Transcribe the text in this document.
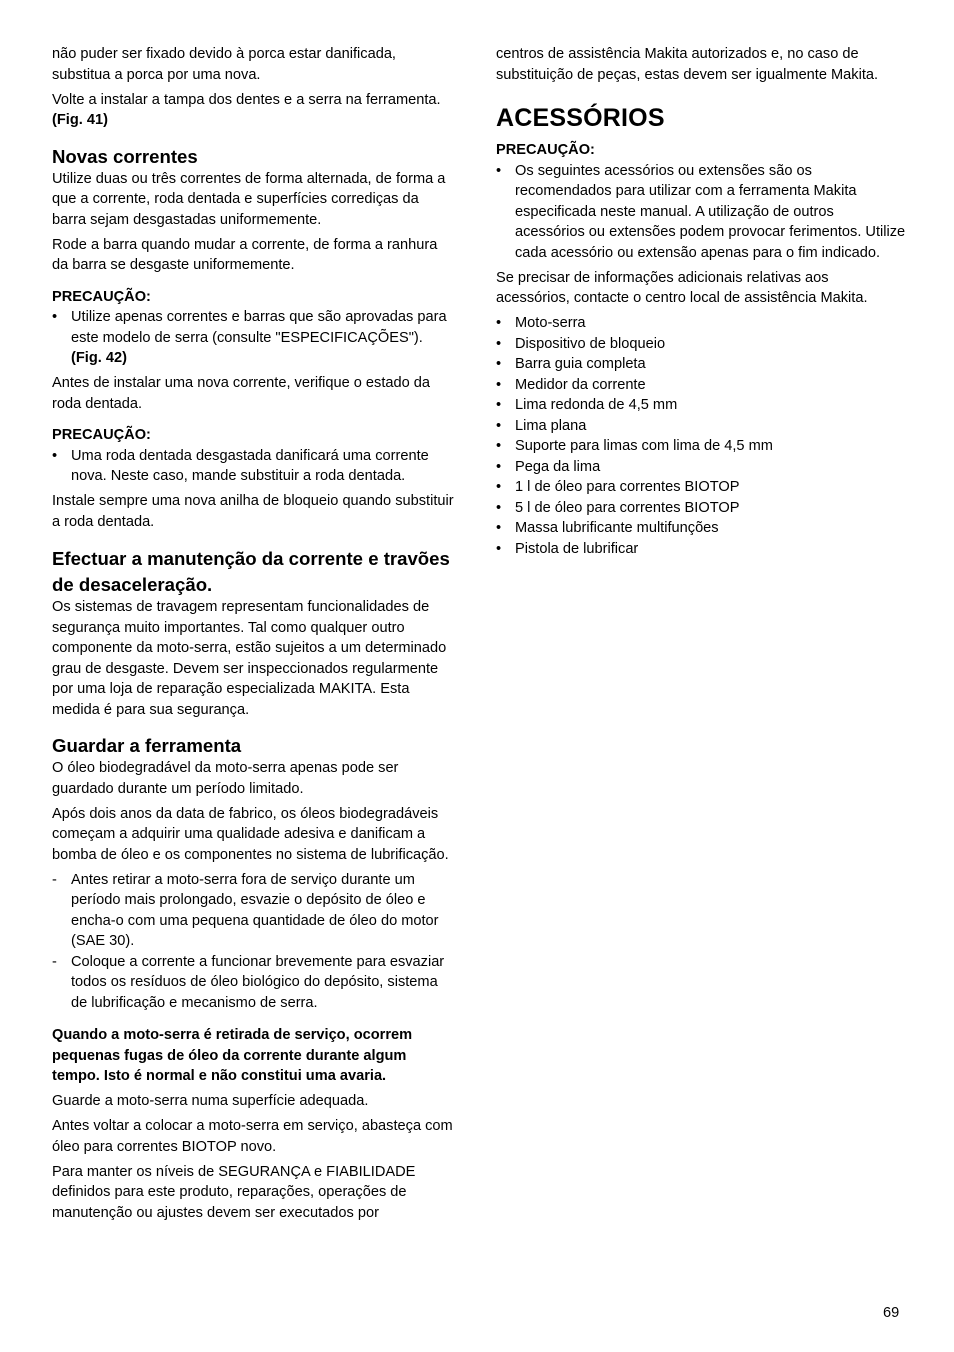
não puder ser fixado devido à porca estar danificada, substitua a porca por uma nova.

Volte a instalar a tampa dos dentes e a serra na ferramenta. (Fig. 41)

Novas correntes

Utilize duas ou três correntes de forma alternada, de forma a que a corrente, roda dentada e superfícies corrediças da barra sejam desgastadas uniformemente.

Rode a barra quando mudar a corrente, de forma a ranhura da barra se desgaste uniformemente.

PRECAUÇÃO:
• Utilize apenas correntes e barras que são aprovadas para este modelo de serra (consulte "ESPECIFICAÇÕES"). (Fig. 42)

Antes de instalar uma nova corrente, verifique o estado da roda dentada.

PRECAUÇÃO:
• Uma roda dentada desgastada danificará uma corrente nova. Neste caso, mande substituir a roda dentada.

Instale sempre uma nova anilha de bloqueio quando substituir a roda dentada.

Efectuar a manutenção da corrente e travões de desaceleração.

Os sistemas de travagem representam funcionalidades de segurança muito importantes. Tal como qualquer outro componente da moto-serra, estão sujeitos a um determinado grau de desgaste. Devem ser inspeccionados regularmente por uma loja de reparação especializada MAKITA. Esta medida é para sua segurança.

Guardar a ferramenta

O óleo biodegradável da moto-serra apenas pode ser guardado durante um período limitado.

Após dois anos da data de fabrico, os óleos biodegradáveis começam a adquirir uma qualidade adesiva e danificam a bomba de óleo e os componentes no sistema de lubrificação.

- Antes retirar a moto-serra fora de serviço durante um período mais prolongado, esvazie o depósito de óleo e encha-o com uma pequena quantidade de óleo do motor (SAE 30).
- Coloque a corrente a funcionar brevemente para esvaziar todos os resíduos de óleo biológico do depósito, sistema de lubrificação e mecanismo de serra.

Quando a moto-serra é retirada de serviço, ocorrem pequenas fugas de óleo da corrente durante algum tempo. Isto é normal e não constitui uma avaria.

Guarde a moto-serra numa superfície adequada.

Antes voltar a colocar a moto-serra em serviço, abasteça com óleo para correntes BIOTOP novo.

Para manter os níveis de SEGURANÇA e FIABILIDADE definidos para este produto, reparações, operações de manutenção ou ajustes devem ser executados por

centros de assistência Makita autorizados e, no caso de substituição de peças, estas devem ser igualmente Makita.

ACESSÓRIOS
PRECAUÇÃO:
• Os seguintes acessórios ou extensões são os recomendados para utilizar com a ferramenta Makita especificada neste manual. A utilização de outros acessórios ou extensões podem provocar ferimentos. Utilize cada acessório ou extensão apenas para o fim indicado.

Se precisar de informações adicionais relativas aos acessórios, contacte o centro local de assistência Makita.

• Moto-serra
• Dispositivo de bloqueio
• Barra guia completa
• Medidor da corrente
• Lima redonda de 4,5 mm
• Lima plana
• Suporte para limas com lima de 4,5 mm
• Pega da lima
• 1 l de óleo para correntes BIOTOP
• 5 l de óleo para correntes BIOTOP
• Massa lubrificante multifunções
• Pistola de lubrificar
69
